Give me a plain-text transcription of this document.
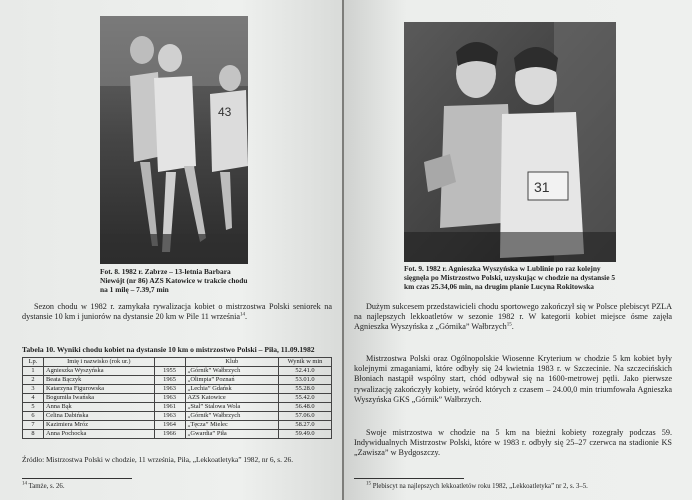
43
Fot. 8. 1982 r. Zabrze – 13-letnia Barbara Niewójt (nr 86) AZS Katowice w trakcie chodu na 1 milę – 7.39,7 min

Sezon chodu w 1982 r. zamykała rywalizacja kobiet o mistrzostwa Polski seniorek na dystansie 10 km i juniorów na dystansie 20 km w Pile 11 września$^{14}$.

Tabela 10. Wyniki chodu kobiet na dystansie 10 km o mistrzostwo Polski – Piła, 11.09.1982
Lp.	Imię i nazwisko (rok ur.)		Klub	Wynik w min
1	Agnieszka Wyszyńska	1955	„Górnik” Wałbrzych	52.41.0
2	Beata Bączyk	1965	„Olimpia” Poznań	53.01.0
3	Katarzyna Figurowska	1963	„Lechia” Gdańsk	55.28.0
4	Bogumiła Iwańska	1963	AZS Katowice	55.42.0
5	Anna Bąk	1961	„Stal” Stalowa Wola	56.48.0
6	Celina Dabińska	1963	„Górnik” Wałbrzych	57.06.0
7	Kazimiera Mróz	1964	„Tęcza” Mielec	58.27.0
8	Anna Pochocka	1966	„Gwardia” Piła	59.49.0
Źródło: Mistrzostwa Polski w chodzie, 11 września, Piła, „Lekkoatletyka” 1982, nr 6, s. 26.
$^{14}$ Tamże, s. 26.
31
Fot. 9. 1982 r. Agnieszka Wyszyńska w Lublinie po raz kolejny sięgnęła po Mistrzostwo Polski, uzyskując w chodzie na dystansie 5 km czas 25.34,06 min, na drugim planie Lucyna Rokitowska

Dużym sukcesem przedstawicieli chodu sportowego zakończył się w Polsce plebiscyt PZLA na najlepszych lekkoatletów w sezonie 1982 r. W kategorii kobiet miejsce ósme zajęła Agnieszka Wyszyńska z „Górnika” Wałbrzych$^{15}$.

Mistrzostwa Polski oraz Ogólnopolskie Wiosenne Kryterium w chodzie 5 km kobiet były kolejnymi zmaganiami, które odbyły się 24 kwietnia 1983 r. w Szczecinie. Na szczecińskich Błoniach nastąpił wspólny start, chód odbywał się na 1600-metrowej pętli. Jako pierwsze rywalizację zakończyły kobiety, wśród których z czasem – 24.00,0 min triumfowała Agnieszka Wyszyńska GKS „Górnik” Wałbrzych.

Swoje mistrzostwa w chodzie na 5 km na bieżni kobiety rozegrały podczas 59. Indywidualnych Mistrzostw Polski, które w 1983 r. odbyły się 25–27 czerwca na stadionie KS „Zawisza” w Bydgoszczy.

$^{15}$ Plebiscyt na najlepszych lekkoatletów roku 1982, „Lekkoatletyka” nr 2, s. 3–5.
